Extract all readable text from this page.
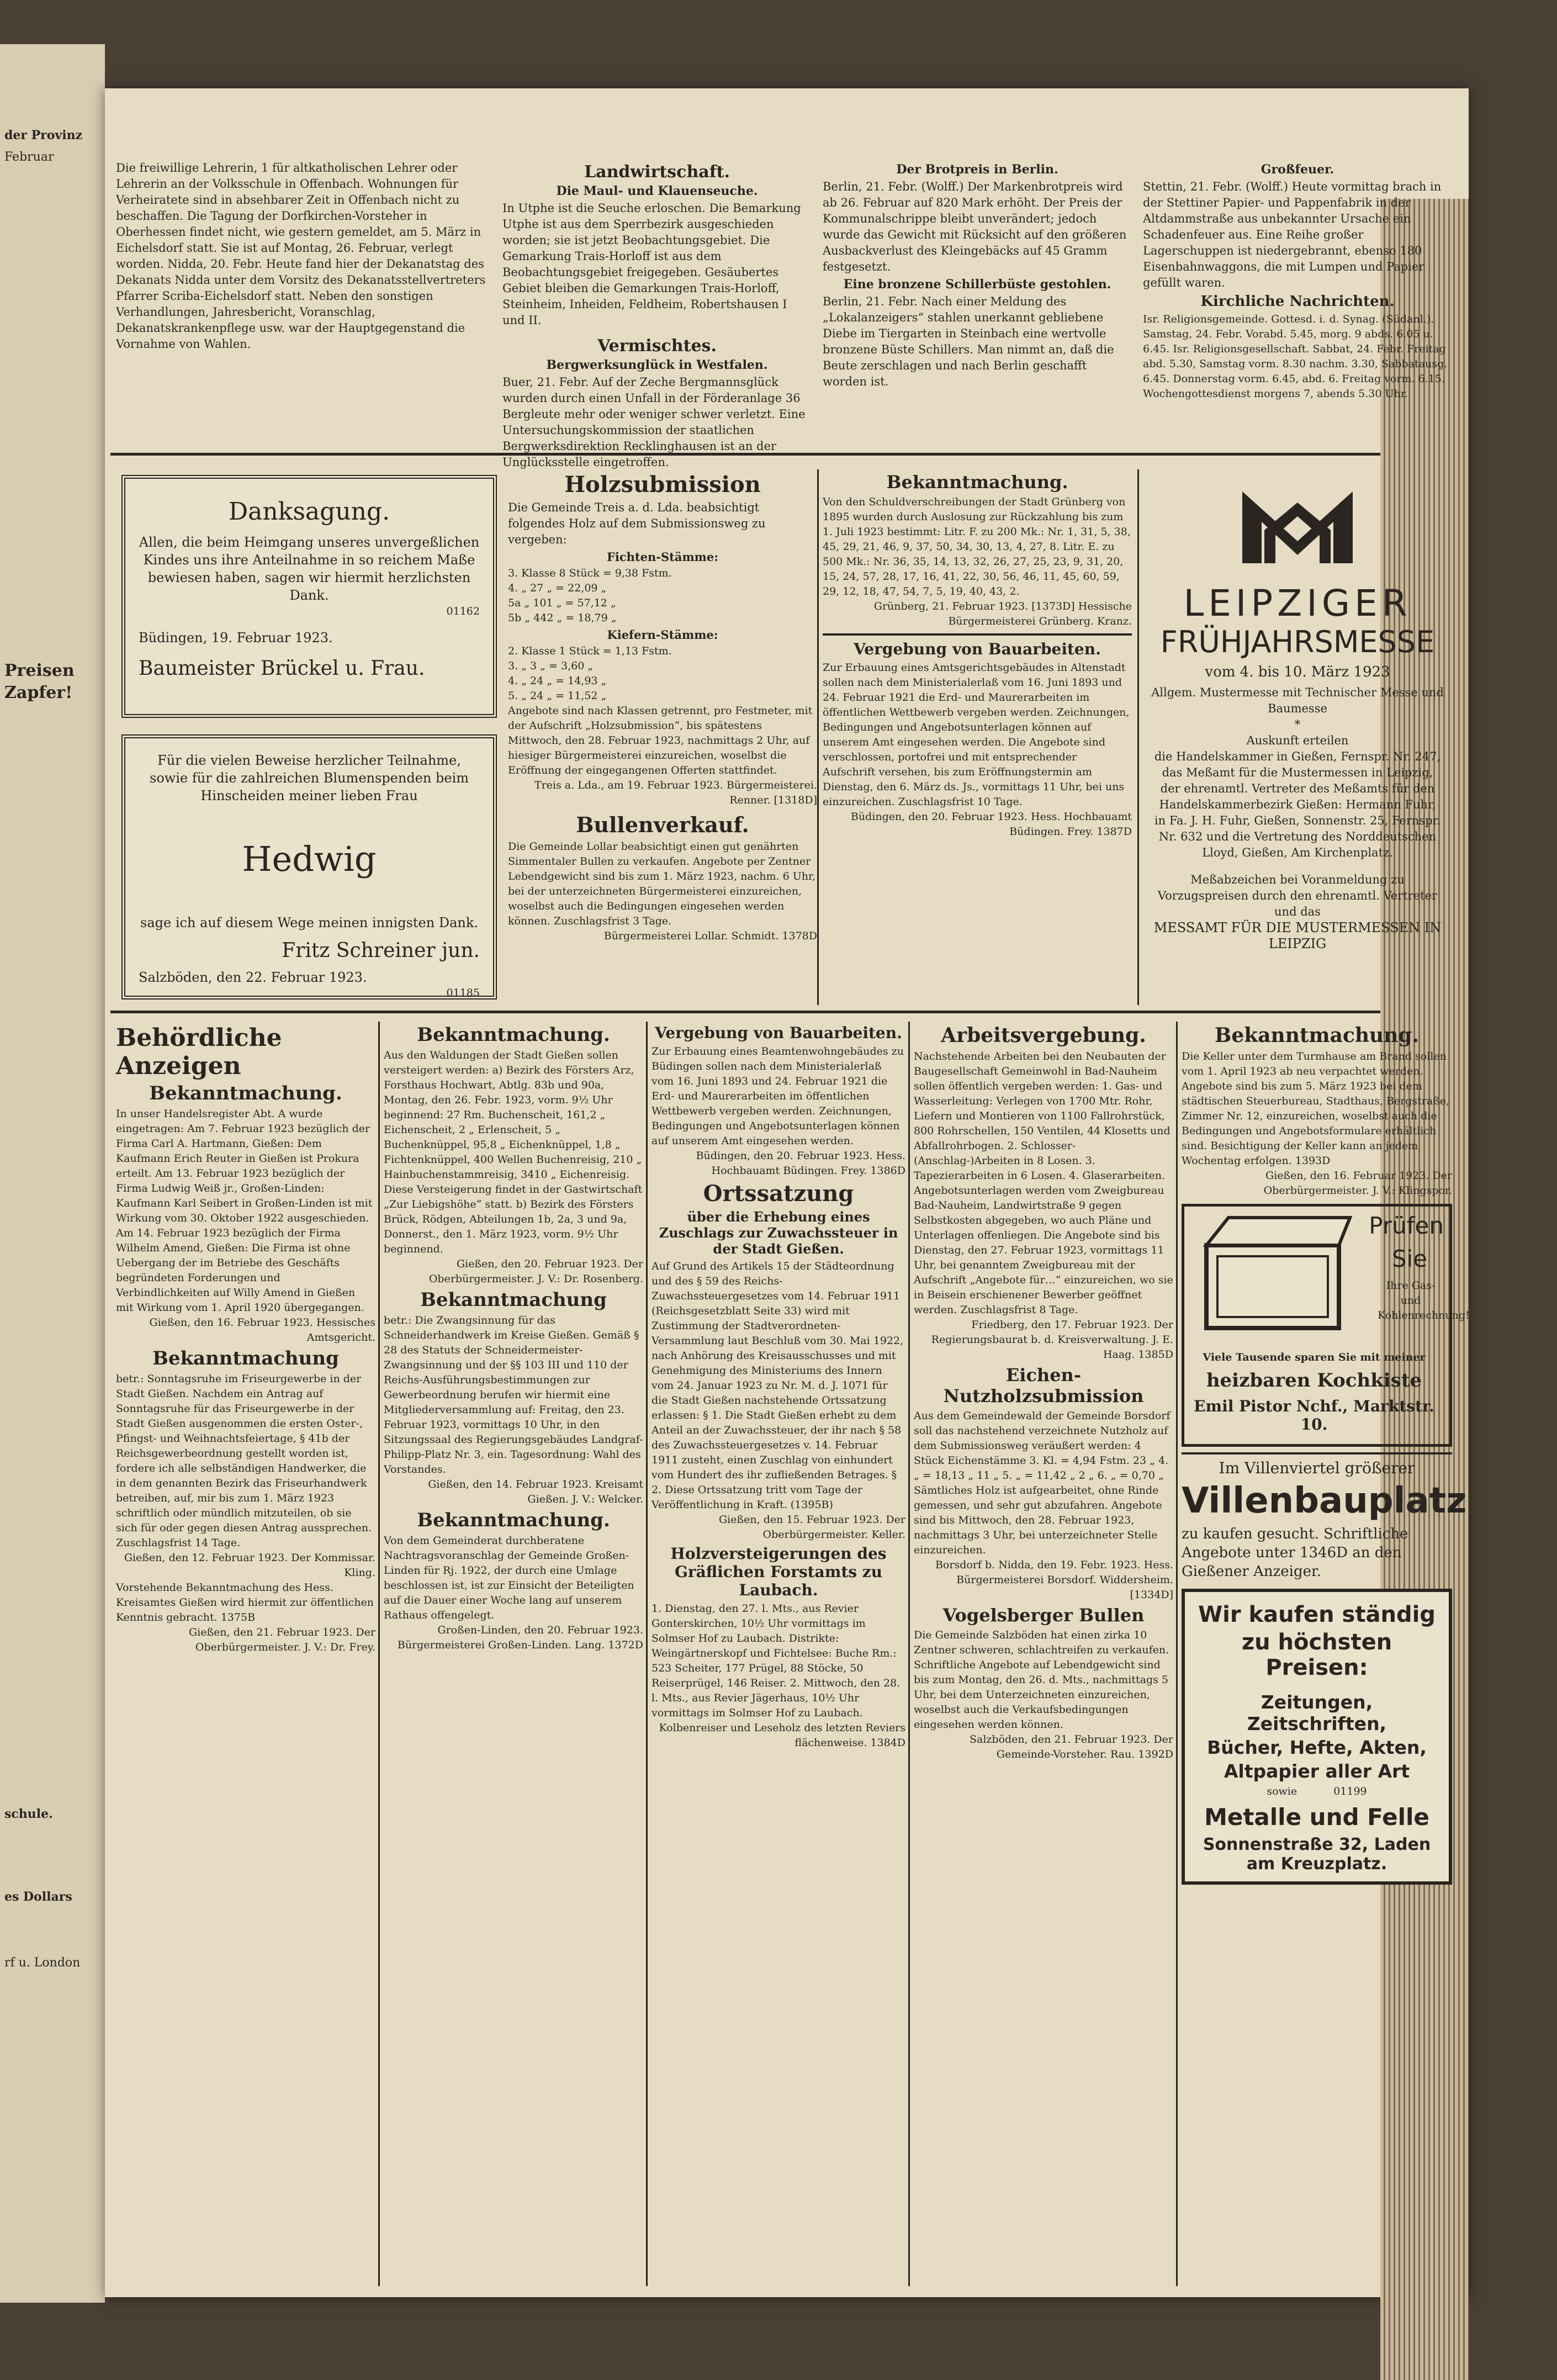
der Provinz

Februar

Preisen

Zapfer!

schule.

es Dollars

rf u. London

Die freiwillige Lehrerin, 1 für altkatholischen Lehrer oder Lehrerin an der Volksschule in Offenbach. Wohnungen für Verheiratete sind in absehbarer Zeit in Offenbach nicht zu beschaffen. Die Tagung der Dorfkirchen-Vorsteher in Oberhessen findet nicht, wie gestern gemeldet, am 5. März in Eichelsdorf statt. Sie ist auf Montag, 26. Februar, verlegt worden. Nidda, 20. Febr. Heute fand hier der Dekanatstag des Dekanats Nidda unter dem Vorsitz des Dekanatsstellvertreters Pfarrer Scriba-Eichelsdorf statt. Neben den sonstigen Verhandlungen, Jahresbericht, Voranschlag, Dekanatskrankenpflege usw. war der Hauptgegenstand die Vornahme von Wahlen.

Landwirtschaft.

Die Maul- und Klauenseuche.

In Utphe ist die Seuche erloschen. Die Bemarkung Utphe ist aus dem Sperrbezirk ausgeschieden worden; sie ist jetzt Beobachtungsgebiet. Die Gemarkung Trais-Horloff ist aus dem Beobachtungsgebiet freigegeben. Gesäubertes Gebiet bleiben die Gemarkungen Trais-Horloff, Steinheim, Inheiden, Feldheim, Robertshausen I und II.

Vermischtes.

Bergwerksunglück in Westfalen.

Buer, 21. Febr. Auf der Zeche Bergmannsglück wurden durch einen Unfall in der Förderanlage 36 Bergleute mehr oder weniger schwer verletzt. Eine Untersuchungskommission der staatlichen Bergwerksdirektion Recklinghausen ist an der Unglücksstelle eingetroffen.

Der Brotpreis in Berlin.

Berlin, 21. Febr. (Wolff.) Der Markenbrotpreis wird ab 26. Februar auf 820 Mark erhöht. Der Preis der Kommunalschrippe bleibt unverändert; jedoch wurde das Gewicht mit Rücksicht auf den größeren Ausbackverlust des Kleingebäcks auf 45 Gramm festgesetzt.

Eine bronzene Schillerbüste gestohlen.

Berlin, 21. Febr. Nach einer Meldung des „Lokalanzeigers“ stahlen unerkannt gebliebene Diebe im Tiergarten in Steinbach eine wertvolle bronzene Büste Schillers. Man nimmt an, daß die Beute zerschlagen und nach Berlin geschafft worden ist.

Großfeuer.

Stettin, 21. Febr. (Wolff.) Heute vormittag brach in der Stettiner Papier- und Pappenfabrik in der Altdammstraße aus unbekannter Ursache ein Schadenfeuer aus. Eine Reihe großer Lagerschuppen ist niedergebrannt, ebenso 180 Eisenbahnwaggons, die mit Lumpen und Papier gefüllt waren.

Kirchliche Nachrichten.

Isr. Religionsgemeinde. Gottesd. i. d. Synag. (Südanl.). Samstag, 24. Febr. Vorabd. 5.45, morg. 9 abds. 6.05 u. 6.45. Isr. Religionsgesellschaft. Sabbat, 24. Febr. Freitag abd. 5.30, Samstag vorm. 8.30 nachm. 3.30, Sabbatausg. 6.45. Donnerstag vorm. 6.45, abd. 6. Freitag vorm. 6.15. Wochengottesdienst morgens 7, abends 5.30 Uhr.

Danksagung.

Allen, die beim Heimgang unseres unvergeßlichen Kindes uns ihre Anteilnahme in so reichem Maße bewiesen haben, sagen wir hiermit herzlichsten Dank.

01162

Büdingen, 19. Februar 1923.

Baumeister Brückel u. Frau.

Für die vielen Beweise herzlicher Teilnahme, sowie für die zahlreichen Blumenspenden beim Hinscheiden meiner lieben Frau

Hedwig

sage ich auf diesem Wege meinen innigsten Dank.

Fritz Schreiner jun.

Salzböden, den 22. Februar 1923.

01185

Holzsubmission

Die Gemeinde Treis a. d. Lda. beabsichtigt folgendes Holz auf dem Submissionsweg zu vergeben:

Fichten-Stämme:

3. Klasse 8 Stück = 9,38 Fstm.

4. „ 27 „ = 22,09 „

5a „ 101 „ = 57,12 „

5b „ 442 „ = 18,79 „

Kiefern-Stämme:

2. Klasse 1 Stück = 1,13 Fstm.

3. „ 3 „ = 3,60 „

4. „ 24 „ = 14,93 „

5. „ 24 „ = 11,52 „

Angebote sind nach Klassen getrennt, pro Festmeter, mit der Aufschrift „Holzsubmission“, bis spätestens Mittwoch, den 28. Februar 1923, nachmittags 2 Uhr, auf hiesiger Bürgermeisterei einzureichen, woselbst die Eröffnung der eingegangenen Offerten stattfindet.

Treis a. Lda., am 19. Februar 1923. Bürgermeisterei. Renner. [1318D]

Bullenverkauf.

Die Gemeinde Lollar beabsichtigt einen gut genährten Simmentaler Bullen zu verkaufen. Angebote per Zentner Lebendgewicht sind bis zum 1. März 1923, nachm. 6 Uhr, bei der unterzeichneten Bürgermeisterei einzureichen, woselbst auch die Bedingungen eingesehen werden können. Zuschlagsfrist 3 Tage.

Bürgermeisterei Lollar. Schmidt. 1378D

Bekanntmachung.

Von den Schuldverschreibungen der Stadt Grünberg von 1895 wurden durch Auslosung zur Rückzahlung bis zum 1. Juli 1923 bestimmt: Litr. F. zu 200 Mk.: Nr. 1, 31, 5, 38, 45, 29, 21, 46, 9, 37, 50, 34, 30, 13, 4, 27, 8. Litr. E. zu 500 Mk.: Nr. 36, 35, 14, 13, 32, 26, 27, 25, 23, 9, 31, 20, 15, 24, 57, 28, 17, 16, 41, 22, 30, 56, 46, 11, 45, 60, 59, 29, 12, 18, 47, 54, 7, 5, 19, 40, 43, 2.

Grünberg, 21. Februar 1923. [1373D] Hessische Bürgermeisterei Grünberg. Kranz.

Vergebung von Bauarbeiten.

Zur Erbauung eines Amtsgerichtsgebäudes in Altenstadt sollen nach dem Ministerialerlaß vom 16. Juni 1893 und 24. Februar 1921 die Erd- und Maurerarbeiten im öffentlichen Wettbewerb vergeben werden. Zeichnungen, Bedingungen und Angebotsunterlagen können auf unserem Amt eingesehen werden. Die Angebote sind verschlossen, portofrei und mit entsprechender Aufschrift versehen, bis zum Eröffnungstermin am Dienstag, den 6. März ds. Js., vormittags 11 Uhr, bei uns einzureichen. Zuschlagsfrist 10 Tage.

Büdingen, den 20. Februar 1923. Hess. Hochbauamt Büdingen. Frey. 1387D

LEIPZIGER

FRÜHJAHRSMESSE

vom 4. bis 10. März 1923

Allgem. Mustermesse mit Technischer Messe und Baumesse

*

Auskunft erteilen

die Handelskammer in Gießen, Fernspr. Nr. 247, das Meßamt für die Mustermessen in Leipzig, der ehrenamtl. Vertreter des Meßamts für den Handelskammerbezirk Gießen: Hermann Fuhr, in Fa. J. H. Fuhr, Gießen, Sonnenstr. 25, Fernspr. Nr. 632 und die Vertretung des Norddeutschen Lloyd, Gießen, Am Kirchenplatz.

Meßabzeichen bei Voranmeldung zu Vorzugspreisen durch den ehrenamtl. Vertreter und das

MESSAMT FÜR DIE MUSTERMESSEN IN LEIPZIG

Behördliche Anzeigen

Bekanntmachung.

In unser Handelsregister Abt. A wurde eingetragen: Am 7. Februar 1923 bezüglich der Firma Carl A. Hartmann, Gießen: Dem Kaufmann Erich Reuter in Gießen ist Prokura erteilt. Am 13. Februar 1923 bezüglich der Firma Ludwig Weiß jr., Großen-Linden: Kaufmann Karl Seibert in Großen-Linden ist mit Wirkung vom 30. Oktober 1922 ausgeschieden. Am 14. Februar 1923 bezüglich der Firma Wilhelm Amend, Gießen: Die Firma ist ohne Uebergang der im Betriebe des Geschäfts begründeten Forderungen und Verbindlichkeiten auf Willy Amend in Gießen mit Wirkung vom 1. April 1920 übergegangen.

Gießen, den 16. Februar 1923. Hessisches Amtsgericht.

Bekanntmachung

betr.: Sonntagsruhe im Friseurgewerbe in der Stadt Gießen. Nachdem ein Antrag auf Sonntagsruhe für das Friseurgewerbe in der Stadt Gießen ausgenommen die ersten Oster-, Pfingst- und Weihnachtsfeiertage, § 41b der Reichsgewerbeordnung gestellt worden ist, fordere ich alle selbständigen Handwerker, die in dem genannten Bezirk das Friseurhandwerk betreiben, auf, mir bis zum 1. März 1923 schriftlich oder mündlich mitzuteilen, ob sie sich für oder gegen diesen Antrag aussprechen. Zuschlagsfrist 14 Tage.

Gießen, den 12. Februar 1923. Der Kommissar. Kling.

Vorstehende Bekanntmachung des Hess. Kreisamtes Gießen wird hiermit zur öffentlichen Kenntnis gebracht. 1375B

Gießen, den 21. Februar 1923. Der Oberbürgermeister. J. V.: Dr. Frey.

Bekanntmachung.

Aus den Waldungen der Stadt Gießen sollen versteigert werden: a) Bezirk des Försters Arz, Forsthaus Hochwart, Abtlg. 83b und 90a, Montag, den 26. Febr. 1923, vorm. 9½ Uhr beginnend: 27 Rm. Buchenscheit, 161,2 „ Eichenscheit, 2 „ Erlenscheit, 5 „ Buchenknüppel, 95,8 „ Eichenknüppel, 1,8 „ Fichtenknüppel, 400 Wellen Buchenreisig, 210 „ Hainbuchenstammreisig, 3410 „ Eichenreisig. Diese Versteigerung findet in der Gastwirtschaft „Zur Liebigshöhe“ statt. b) Bezirk des Försters Brück, Rödgen, Abteilungen 1b, 2a, 3 und 9a, Donnerst., den 1. März 1923, vorm. 9½ Uhr beginnend.

Gießen, den 20. Februar 1923. Der Oberbürgermeister. J. V.: Dr. Rosenberg.

Bekanntmachung

betr.: Die Zwangsinnung für das Schneiderhandwerk im Kreise Gießen. Gemäß § 28 des Statuts der Schneidermeister-Zwangsinnung und der §§ 103 III und 110 der Reichs-Ausführungsbestimmungen zur Gewerbeordnung berufen wir hiermit eine Mitgliederversammlung auf: Freitag, den 23. Februar 1923, vormittags 10 Uhr, in den Sitzungssaal des Regierungsgebäudes Landgraf-Philipp-Platz Nr. 3, ein. Tagesordnung: Wahl des Vorstandes.

Gießen, den 14. Februar 1923. Kreisamt Gießen. J. V.: Welcker.

Bekanntmachung.

Von dem Gemeinderat durchberatene Nachtragsvoranschlag der Gemeinde Großen-Linden für Rj. 1922, der durch eine Umlage beschlossen ist, ist zur Einsicht der Beteiligten auf die Dauer einer Woche lang auf unserem Rathaus offengelegt.

Großen-Linden, den 20. Februar 1923. Bürgermeisterei Großen-Linden. Lang. 1372D

Vergebung von Bauarbeiten.

Zur Erbauung eines Beamtenwohngebäudes zu Büdingen sollen nach dem Ministerialerlaß vom 16. Juni 1893 und 24. Februar 1921 die Erd- und Maurerarbeiten im öffentlichen Wettbewerb vergeben werden. Zeichnungen, Bedingungen und Angebotsunterlagen können auf unserem Amt eingesehen werden.

Büdingen, den 20. Februar 1923. Hess. Hochbauamt Büdingen. Frey. 1386D

Ortssatzung

über die Erhebung eines Zuschlags zur Zuwachssteuer in der Stadt Gießen.

Auf Grund des Artikels 15 der Städteordnung und des § 59 des Reichs-Zuwachssteuergesetzes vom 14. Februar 1911 (Reichsgesetzblatt Seite 33) wird mit Zustimmung der Stadtverordneten-Versammlung laut Beschluß vom 30. Mai 1922, nach Anhörung des Kreisausschusses und mit Genehmigung des Ministeriums des Innern vom 24. Januar 1923 zu Nr. M. d. J. 1071 für die Stadt Gießen nachstehende Ortssatzung erlassen: § 1. Die Stadt Gießen erhebt zu dem Anteil an der Zuwachssteuer, der ihr nach § 58 des Zuwachssteuergesetzes v. 14. Februar 1911 zusteht, einen Zuschlag von einhundert vom Hundert des ihr zufließenden Betrages. § 2. Diese Ortssatzung tritt vom Tage der Veröffentlichung in Kraft. (1395B)

Gießen, den 15. Februar 1923. Der Oberbürgermeister. Keller.

Holzversteigerungen des Gräflichen Forstamts zu Laubach.

1. Dienstag, den 27. l. Mts., aus Revier Gonterskirchen, 10½ Uhr vormittags im Solmser Hof zu Laubach. Distrikte: Weingärtnerskopf und Fichtelsee: Buche Rm.: 523 Scheiter, 177 Prügel, 88 Stöcke, 50 Reiserprügel, 146 Reiser. 2. Mittwoch, den 28. l. Mts., aus Revier Jägerhaus, 10½ Uhr vormittags im Solmser Hof zu Laubach.

Kolbenreiser und Leseholz des letzten Reviers flächenweise. 1384D

Arbeitsvergebung.

Nachstehende Arbeiten bei den Neubauten der Baugesellschaft Gemeinwohl in Bad-Nauheim sollen öffentlich vergeben werden: 1. Gas- und Wasserleitung: Verlegen von 1700 Mtr. Rohr, Liefern und Montieren von 1100 Fallrohrstück, 800 Rohrschellen, 150 Ventilen, 44 Klosetts und Abfallrohrbogen. 2. Schlosser-(Anschlag-)Arbeiten in 8 Losen. 3. Tapezierarbeiten in 6 Losen. 4. Glaserarbeiten. Angebotsunterlagen werden vom Zweigbureau Bad-Nauheim, Landwirtstraße 9 gegen Selbstkosten abgegeben, wo auch Pläne und Unterlagen offenliegen. Die Angebote sind bis Dienstag, den 27. Februar 1923, vormittags 11 Uhr, bei genanntem Zweigbureau mit der Aufschrift „Angebote für…“ einzureichen, wo sie in Beisein erschienener Bewerber geöffnet werden. Zuschlagsfrist 8 Tage.

Friedberg, den 17. Februar 1923. Der Regierungsbaurat b. d. Kreisverwaltung. J. E. Haag. 1385D

Eichen-Nutzholzsubmission

Aus dem Gemeindewald der Gemeinde Borsdorf soll das nachstehend verzeichnete Nutzholz auf dem Submissionsweg veräußert werden: 4 Stück Eichenstämme 3. Kl. = 4,94 Fstm. 23 „ 4. „ = 18,13 „ 11 „ 5. „ = 11,42 „ 2 „ 6. „ = 0,70 „ Sämtliches Holz ist aufgearbeitet, ohne Rinde gemessen, und sehr gut abzufahren. Angebote sind bis Mittwoch, den 28. Februar 1923, nachmittags 3 Uhr, bei unterzeichneter Stelle einzureichen.

Borsdorf b. Nidda, den 19. Febr. 1923. Hess. Bürgermeisterei Borsdorf. Widdersheim. [1334D]

Vogelsberger Bullen

Die Gemeinde Salzböden hat einen zirka 10 Zentner schweren, schlachtreifen zu verkaufen. Schriftliche Angebote auf Lebendgewicht sind bis zum Montag, den 26. d. Mts., nachmittags 5 Uhr, bei dem Unterzeichneten einzureichen, woselbst auch die Verkaufsbedingungen eingesehen werden können.

Salzböden, den 21. Februar 1923. Der Gemeinde-Vorsteher. Rau. 1392D

Bekanntmachung.

Die Keller unter dem Turmhause am Brand sollen vom 1. April 1923 ab neu verpachtet werden. Angebote sind bis zum 5. März 1923 bei dem städtischen Steuerbureau, Stadthaus, Bergstraße, Zimmer Nr. 12, einzureichen, woselbst auch die Bedingungen und Angebotsformulare erhältlich sind. Besichtigung der Keller kann an jedem Wochentag erfolgen. 1393D

Gießen, den 16. Februar 1923. Der Oberbürgermeister. J. V.: Klingspor.

Prüfen

Sie

Ihre Gas- und Kohlenrechnung!

Viele Tausende sparen Sie mit meiner

heizbaren Kochkiste

Emil Pistor Nchf., Marktstr. 10.

Im Villenviertel größerer

Villenbauplatz

zu kaufen gesucht. Schriftliche Angebote unter 1346D an den Gießener Anzeiger.

Wir kaufen ständig

zu höchsten Preisen:

Zeitungen, Zeitschriften,

Bücher, Hefte, Akten,

Altpapier aller Art

sowie	01199

Metalle und Felle

Sonnenstraße 32, Laden

am Kreuzplatz.
